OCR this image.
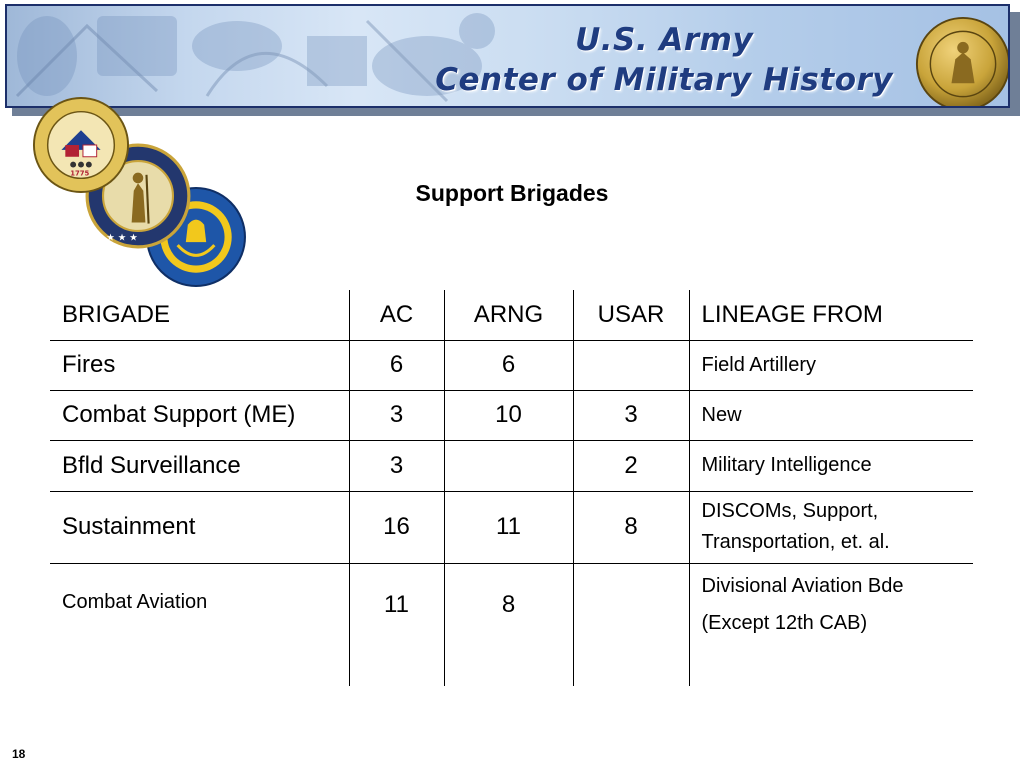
U.S. Army
Center of Military History
★ ★ ★
1775
Support Brigades
BRIGADE	AC	ARNG	USAR	LINEAGE FROM
Fires	6	6		Field Artillery
Combat Support (ME)	3	10	3	New
Bfld Surveillance	3		2	Military Intelligence
Sustainment	16	11	8	DISCOMs, Support,
Transportation, et. al.

Combat Aviation	11	8		Divisional Aviation Bde
(Except 12th CAB)
18
